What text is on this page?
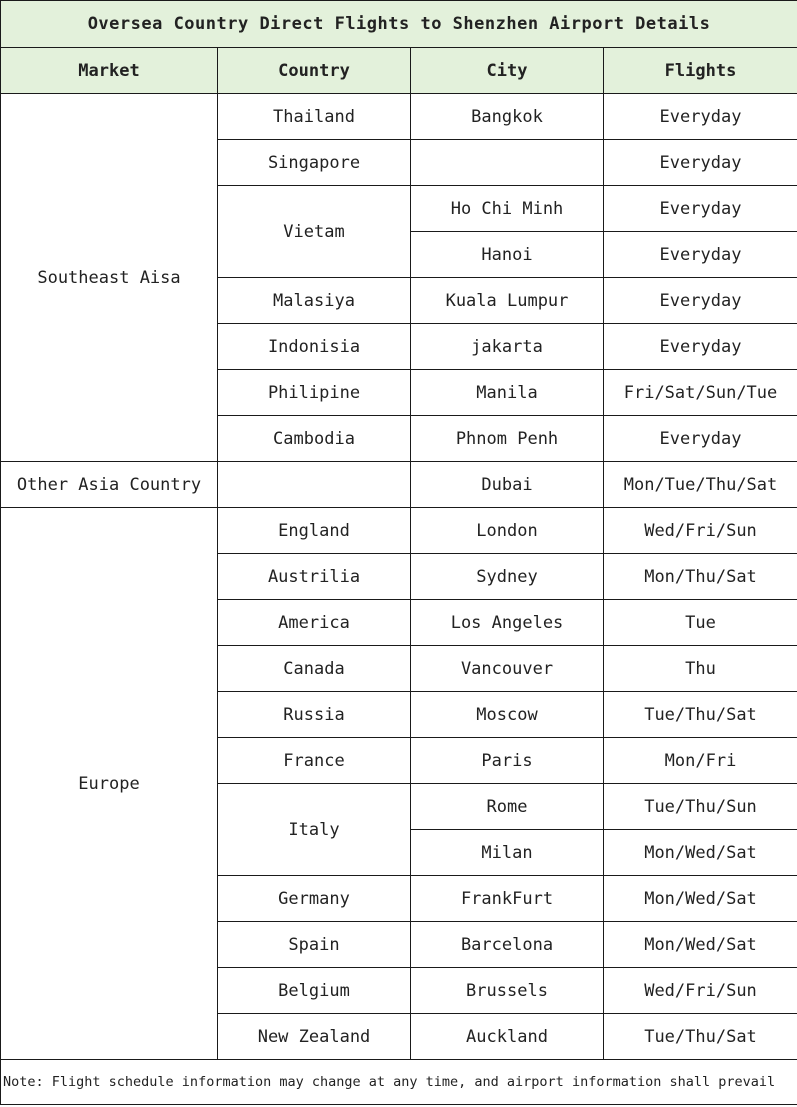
Oversea Country Direct Flights to Shenzhen Airport Details			
Market	Country	City	Flights
Southeast Aisa	Thailand	Bangkok	Everyday
	Singapore		Everyday
	Vietam	Ho Chi Minh	Everyday
		Hanoi	Everyday
	Malasiya	Kuala Lumpur	Everyday
	Indonisia	jakarta	Everyday
	Philipine	Manila	Fri/Sat/Sun/Tue
	Cambodia	Phnom Penh	Everyday
Other Asia Country		Dubai	Mon/Tue/Thu/Sat
Europe	England	London	Wed/Fri/Sun
	Austrilia	Sydney	Mon/Thu/Sat
	America	Los Angeles	Tue
	Canada	Vancouver	Thu
	Russia	Moscow	Tue/Thu/Sat
	France	Paris	Mon/Fri
	Italy	Rome	Tue/Thu/Sun
		Milan	Mon/Wed/Sat
	Germany	FrankFurt	Mon/Wed/Sat
	Spain	Barcelona	Mon/Wed/Sat
	Belgium	Brussels	Wed/Fri/Sun
	New Zealand	Auckland	Tue/Thu/Sat
Note: Flight schedule information may change at any time, and airport information shall prevail			
